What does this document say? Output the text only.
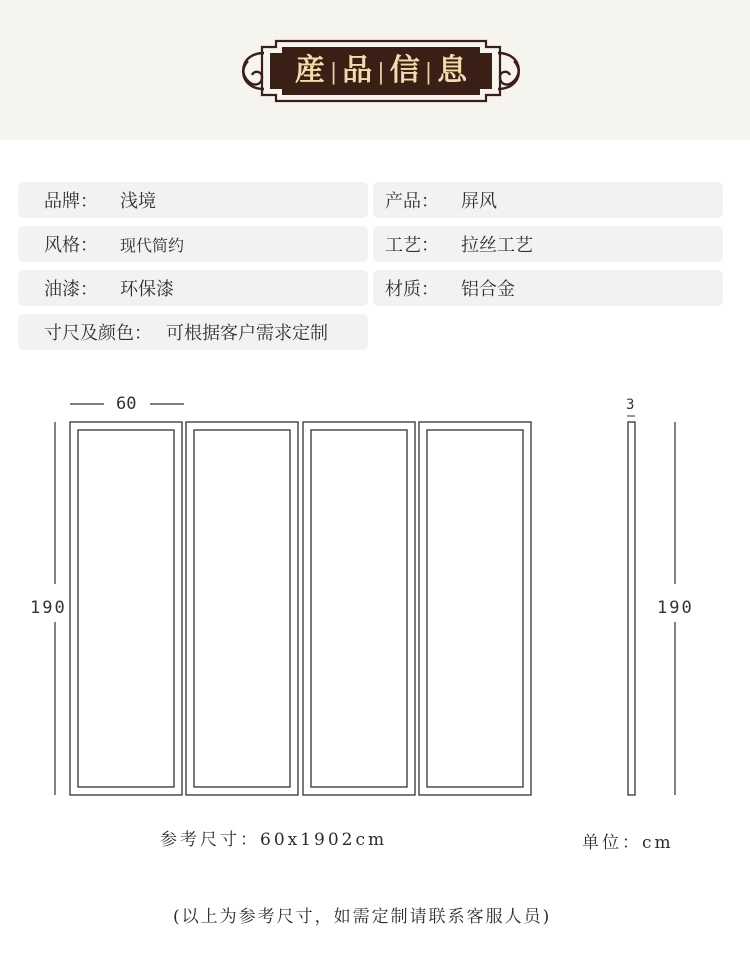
産 | 品 | 信 | 息
品牌： 浅境	产品： 屏风
风格： 现代简约	工艺： 拉丝工艺
油漆： 环保漆	材质： 铝合金
寸尺及颜色： 可根据客户需求定制
60
190
3
190
参考尺寸：60x1902cm	单位：cm
(以上为参考尺寸，如需定制请联系客服人员)
